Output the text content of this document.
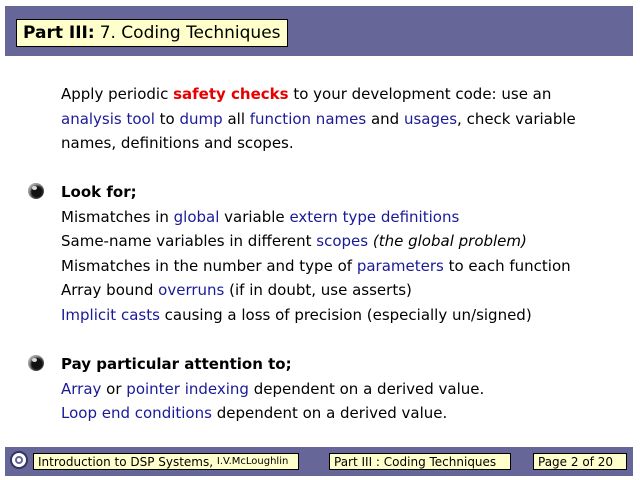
Part III: 7. Coding Techniques
Apply periodic safety checks to your development code: use an
analysis tool to dump all function names and usages, check variable
names, definitions and scopes.
Look for;
Mismatches in global variable extern type definitions
Same-name variables in different scopes (the global problem)
Mismatches in the number and type of parameters to each function
Array bound overruns (if in doubt, use asserts)
Implicit casts causing a loss of precision (especially un/signed)
Pay particular attention to;
Array or pointer indexing dependent on a derived value.
Loop end conditions dependent on a derived value.
Introduction to DSP Systems,
I.V.McLoughlin	Part III : Coding Techniques	Page 2 of 20
